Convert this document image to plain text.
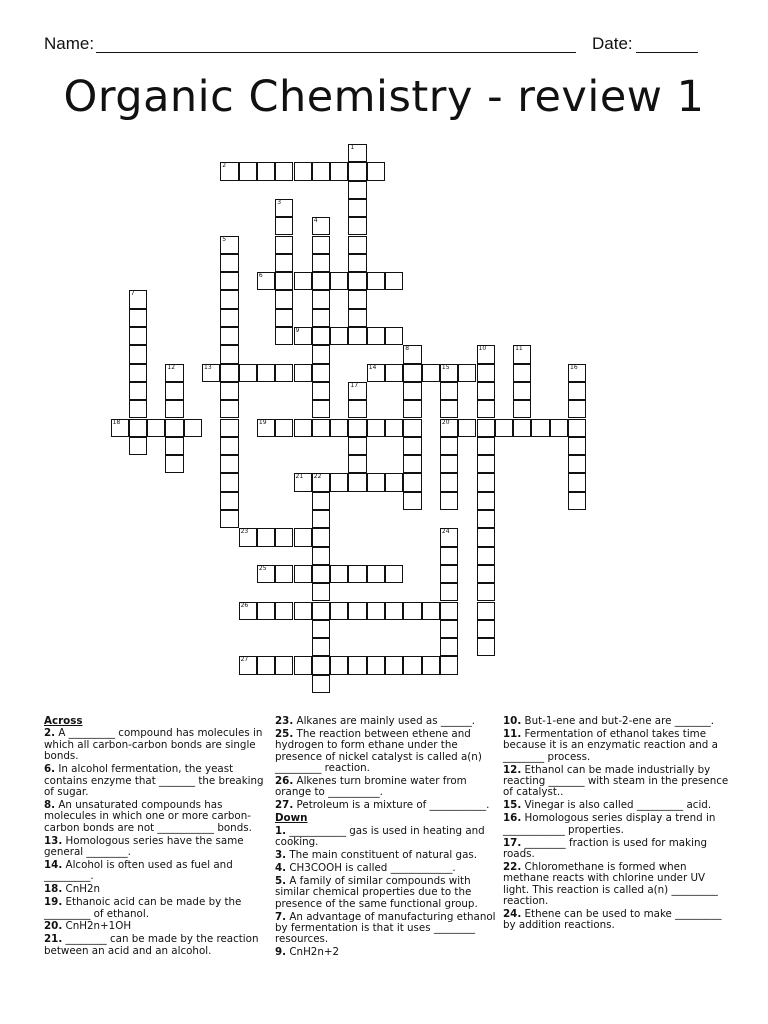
Name:	Date:
Organic Chemistry - review 1
2
6
9
13	14	15
18	19	20
21 22
23
25
26
27
1
3
4
5
7
8	10	11
12	16
17
24
Across
2. A _________ compound has molecules in which all carbon-carbon bonds are single bonds.
6. In alcohol fermentation, the yeast contains enzyme that _______ the breaking of sugar.
8. An unsaturated compounds has molecules in which one or more carbon-carbon bonds are not ___________ bonds.
13. Homologous series have the same general ________.
14. Alcohol is often used as fuel and _________.
18. CnH2n
19. Ethanoic acid can be made by the _________ of ethanol.
20. CnH2n+1OH
21. ________ can be made by the reaction between an acid and an alcohol.
23. Alkanes are mainly used as ______.
25. The reaction between ethene and hydrogen to form ethane under the presence of nickel catalyst is called a(n) _________ reaction.
26. Alkenes turn bromine water from orange to __________.
27. Petroleum is a mixture of ___________.
Down
1. ___________ gas is used in heating and cooking.
3. The main constituent of natural gas.
4. CH3COOH is called ____________.
5. A family of similar compounds with similar chemical properties due to the presence of the same functional group.
7. An advantage of manufacturing ethanol by fermentation is that it uses ________ resources.
9. CnH2n+2
10. But-1-ene and but-2-ene are _______.
11. Fermentation of ethanol takes time because it is an enzymatic reaction and a ________ process.
12. Ethanol can be made industrially by reacting _______ with steam in the presence of catalyst..
15. Vinegar is also called _________ acid.
16. Homologous series display a trend in ____________ properties.
17. ________ fraction is used for making roads.
22. Chloromethane is formed when methane reacts with chlorine under UV light. This reaction is called a(n) _________ reaction.
24. Ethene can be used to make _________ by addition reactions.
